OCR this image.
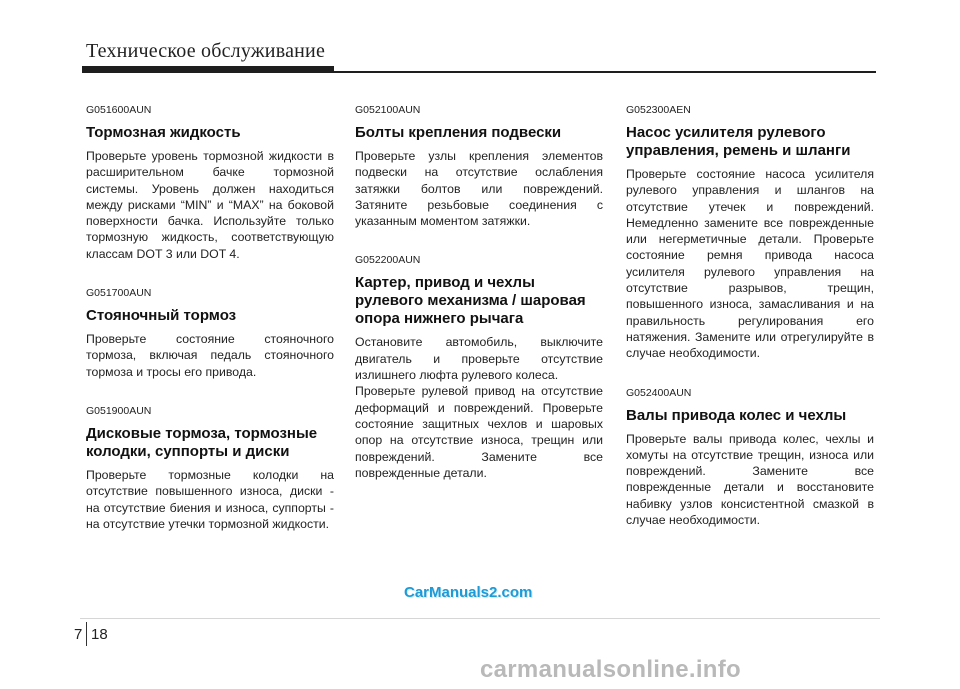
Техническое обслуживание
G051600AUN
Тормозная жидкость

Проверьте уровень тормозной жидкости в расширительном бачке тормозной системы. Уровень должен находиться между рисками “MIN” и “MAX” на боковой поверхности бачка. Используйте только тормозную жидкость, соответствующую классам DOT 3 или DOT 4.

G051700AUN
Стояночный тормоз

Проверьте состояние стояночного тормоза, включая педаль стояночного тормоза и тросы его привода.

G051900AUN
Дисковые тормоза, тормозные колодки, суппорты и диски

Проверьте тормозные колодки на отсутствие повышенного износа, диски - на отсутствие биения и износа, суппорты - на отсутствие утечки тормозной жидкости.

G052100AUN
Болты крепления подвески

Проверьте узлы крепления элементов подвески на отсутствие ослабления затяжки болтов или повреждений. Затяните резьбовые соединения с указанным моментом затяжки.

G052200AUN
Картер, привод и чехлы рулевого механизма / шаровая опора нижнего рычага

Остановите автомобиль, выключите двигатель и проверьте отсутствие излишнего люфта рулевого колеса.

Проверьте рулевой привод на отсутствие деформаций и повреждений. Проверьте состояние защитных чехлов и шаровых опор на отсутствие износа, трещин или повреждений. Замените все поврежденные детали.

G052300AEN
Насос усилителя рулевого управления, ремень и шланги

Проверьте состояние насоса усилителя рулевого управления и шлангов на отсутствие утечек и повреждений. Немедленно замените все поврежденные или негерметичные детали. Проверьте состояние ремня привода насоса усилителя рулевого управления на отсутствие разрывов, трещин, повышенного износа, замасливания и на правильность регулирования его натяжения. Замените или отрегулируйте в случае необходимости.

G052400AUN
Валы привода колес и чехлы

Проверьте валы привода колес, чехлы и хомуты на отсутствие трещин, износа или повреждений. Замените все поврежденные детали и восстановите набивку узлов консистентной смазкой в случае необходимости.

CarManuals2.com
7 18
carmanualsonline.info
